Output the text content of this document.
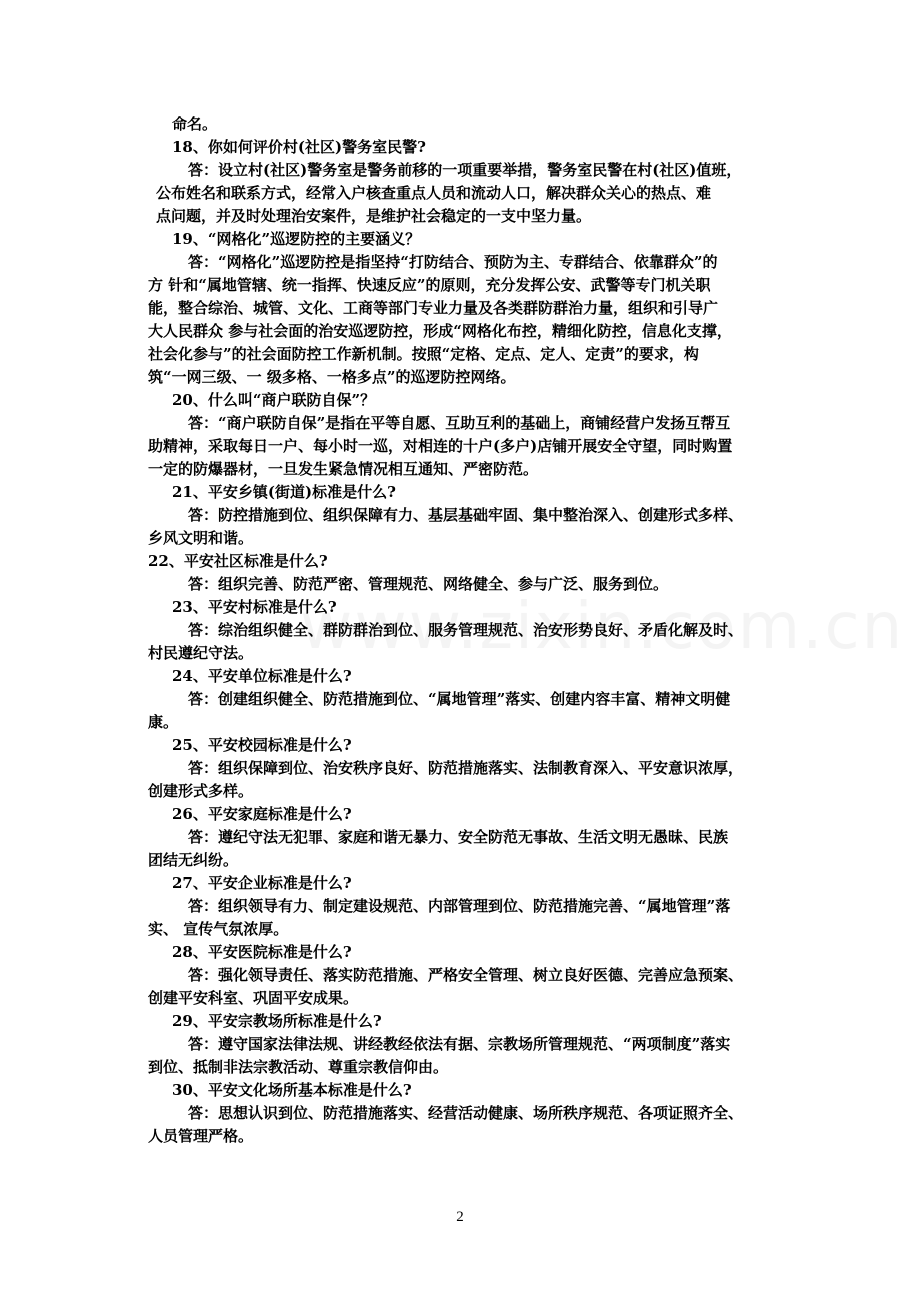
命名。
18、你如何评价村(社区)警务室民警?
答：设立村(社区)警务室是警务前移的一项重要举措，警务室民警在村(社区)值班，
公布姓名和联系方式，经常入户核查重点人员和流动人口，解决群众关心的热点、难
点问题，并及时处理治安案件，是维护社会稳定的一支中坚力量。
19、“网格化”巡逻防控的主要涵义？
答：“网格化”巡逻防控是指坚持“打防结合、预防为主、专群结合、依靠群众”的
方 针和“属地管辖、统一指挥、快速反应”的原则，充分发挥公安、武警等专门机关职
能，整合综治、城管、文化、工商等部门专业力量及各类群防群治力量，组织和引导广
大人民群众 参与社会面的治安巡逻防控，形成“网格化布控，精细化防控，信息化支撑，
社会化参与”的社会面防控工作新机制。按照“定格、定点、定人、定责”的要求，构
筑“一网三级、一 级多格、一格多点”的巡逻防控网络。
20、什么叫“商户联防自保”？
答：“商户联防自保”是指在平等自愿、互助互利的基础上，商铺经营户发扬互帮互
助精神，采取每日一户、每小时一巡，对相连的十户(多户)店铺开展安全守望，同时购置
一定的防爆器材，一旦发生紧急情况相互通知、严密防范。
21、平安乡镇(街道)标准是什么?
答：防控措施到位、组织保障有力、基层基础牢固、集中整治深入、创建形式多样、
乡风文明和谐。
22、平安社区标准是什么?
答：组织完善、防范严密、管理规范、网络健全、参与广泛、服务到位。
23、平安村标准是什么?
答：综治组织健全、群防群治到位、服务管理规范、治安形势良好、矛盾化解及时、
村民遵纪守法。
24、平安单位标准是什么?
答：创建组织健全、防范措施到位、“属地管理”落实、创建内容丰富、精神文明健
康。
25、平安校园标准是什么?
答：组织保障到位、治安秩序良好、防范措施落实、法制教育深入、平安意识浓厚，
创建形式多样。
26、平安家庭标准是什么?
答：遵纪守法无犯罪、家庭和谐无暴力、安全防范无事故、生活文明无愚昧、民族
团结无纠纷。
27、平安企业标准是什么?
答：组织领导有力、制定建设规范、内部管理到位、防范措施完善、“属地管理”落
实、 宣传气氛浓厚。
28、平安医院标准是什么?
答：强化领导责任、落实防范措施、严格安全管理、树立良好医德、完善应急预案、
创建平安科室、巩固平安成果。
29、平安宗教场所标准是什么?
答：遵守国家法律法规、讲经教经依法有据、宗教场所管理规范、“两项制度”落实
到位、抵制非法宗教活动、尊重宗教信仰由。
30、平安文化场所基本标准是什么?
答：思想认识到位、防范措施落实、经营活动健康、场所秩序规范、各项证照齐全、
人员管理严格。
2
